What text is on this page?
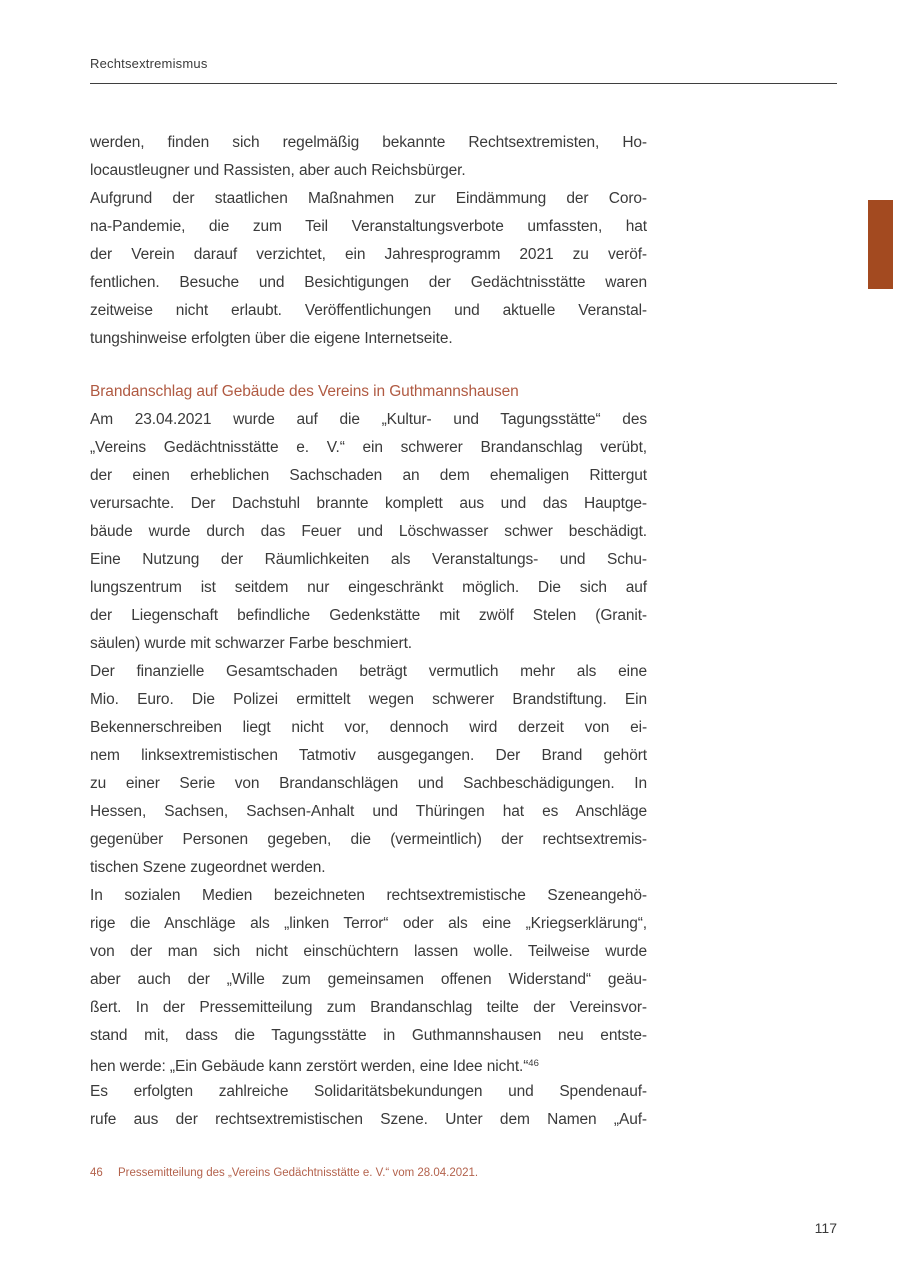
Rechtsextremismus
werden, finden sich regelmäßig bekannte Rechtsextremisten, Ho-
locaustleugner und Rassisten, aber auch Reichsbürger.
Aufgrund der staatlichen Maßnahmen zur Eindämmung der Coro-
na-Pandemie, die zum Teil Veranstaltungsverbote umfassten, hat
der Verein darauf verzichtet, ein Jahresprogramm 2021 zu veröf-
fentlichen. Besuche und Besichtigungen der Gedächtnisstätte waren
zeitweise nicht erlaubt. Veröffentlichungen und aktuelle Veranstal-
tungshinweise erfolgten über die eigene Internetseite.
Brandanschlag auf Gebäude des Vereins in Guthmannshausen
Am 23.04.2021 wurde auf die „Kultur- und Tagungsstätte“ des
„Vereins Gedächtnisstätte e. V.“ ein schwerer Brandanschlag verübt,
der einen erheblichen Sachschaden an dem ehemaligen Rittergut
verursachte. Der Dachstuhl brannte komplett aus und das Hauptge-
bäude wurde durch das Feuer und Löschwasser schwer beschädigt.
Eine Nutzung der Räumlichkeiten als Veranstaltungs- und Schu-
lungszentrum ist seitdem nur eingeschränkt möglich. Die sich auf
der Liegenschaft befindliche Gedenkstätte mit zwölf Stelen (Granit-
säulen) wurde mit schwarzer Farbe beschmiert.
Der finanzielle Gesamtschaden beträgt vermutlich mehr als eine
Mio. Euro. Die Polizei ermittelt wegen schwerer Brandstiftung. Ein
Bekennerschreiben liegt nicht vor, dennoch wird derzeit von ei-
nem linksextremistischen Tatmotiv ausgegangen. Der Brand gehört
zu einer Serie von Brandanschlägen und Sachbeschädigungen. In
Hessen, Sachsen, Sachsen-Anhalt und Thüringen hat es Anschläge
gegenüber Personen gegeben, die (vermeintlich) der rechtsextremis-
tischen Szene zugeordnet werden.
In sozialen Medien bezeichneten rechtsextremistische Szeneangehö-
rige die Anschläge als „linken Terror“ oder als eine „Kriegserklärung“,
von der man sich nicht einschüchtern lassen wolle. Teilweise wurde
aber auch der „Wille zum gemeinsamen offenen Widerstand“ geäu-
ßert. In der Pressemitteilung zum Brandanschlag teilte der Vereinsvor-
stand mit, dass die Tagungsstätte in Guthmannshausen neu entste-
hen werde: „Ein Gebäude kann zerstört werden, eine Idee nicht.“$^{46}$
Es erfolgten zahlreiche Solidaritätsbekundungen und Spendenauf-
rufe aus der rechtsextremistischen Szene. Unter dem Namen „Auf-
46 Pressemitteilung des „Vereins Gedächtnisstätte e. V.“ vom 28.04.2021.
117
